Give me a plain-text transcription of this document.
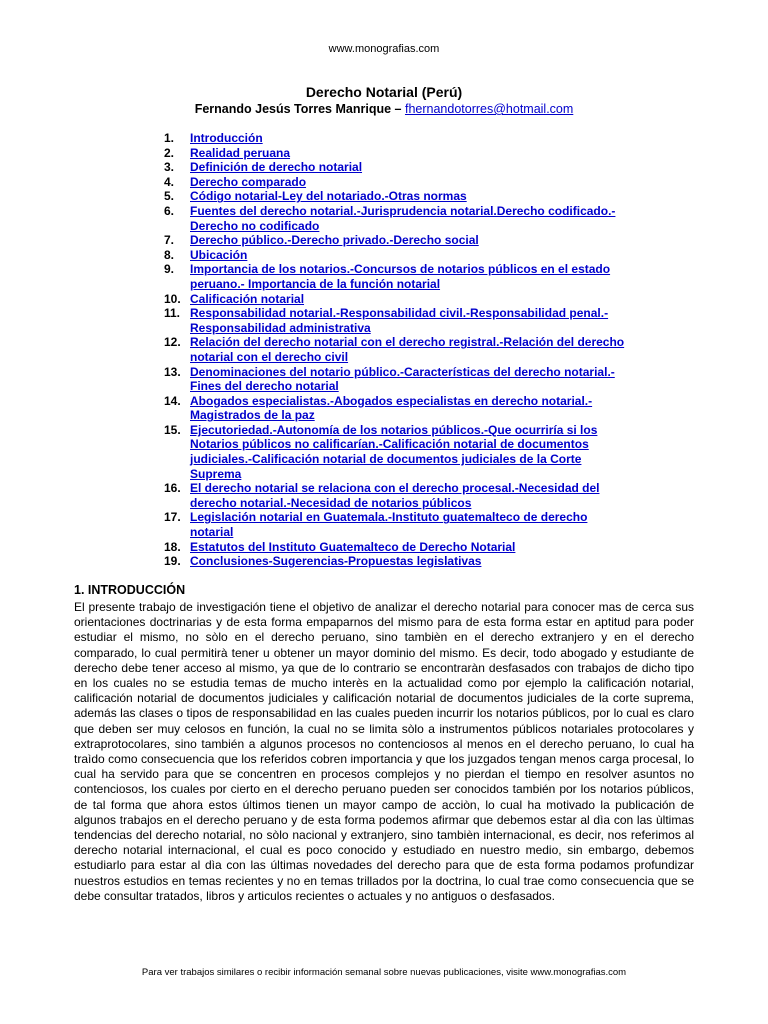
www.monografias.com
Derecho Notarial (Perú)
Fernando Jesús Torres Manrique – fhernandotorres@hotmail.com
1.	Introducción
2.	Realidad peruana
3.	Definición de derecho notarial
4.	Derecho comparado
5.	Código notarial-Ley del notariado.-Otras normas
6.	Fuentes del derecho notarial.-Jurisprudencia notarial.Derecho codificado.-Derecho no codificado
7.	Derecho público.-Derecho privado.-Derecho social
8.	Ubicación
9.	Importancia de los notarios.-Concursos de notarios públicos en el estado peruano.- Importancia de la función notarial
10. Calificación notarial
11. Responsabilidad notarial.-Responsabilidad civil.-Responsabilidad penal.- Responsabilidad administrativa
12. Relación del derecho notarial con el derecho registral.-Relación del derecho notarial con el derecho civil
13. Denominaciones del notario público.-Características del derecho notarial.-Fines del derecho notarial
14. Abogados especialistas.-Abogados especialistas en derecho notarial.-Magistrados de la paz
15. Ejecutoriedad.-Autonomía de los notarios públicos.-Que ocurriría si los Notarios públicos no calificarían.-Calificación notarial de documentos judiciales.-Calificación notarial de documentos judiciales de la Corte Suprema
16. El derecho notarial se relaciona con el derecho procesal.-Necesidad del derecho notarial.-Necesidad de notarios públicos
17. Legislación notarial en Guatemala.-Instituto guatemalteco de derecho notarial
18. Estatutos del Instituto Guatemalteco de Derecho Notarial
19. Conclusiones-Sugerencias-Propuestas legislativas
1. INTRODUCCIÓN

El presente trabajo de investigación tiene el objetivo de analizar el derecho notarial para conocer mas de cerca sus orientaciones doctrinarias y de esta forma empaparnos del mismo para de esta forma estar en aptitud para poder estudiar el mismo, no sòlo en el derecho peruano, sino tambièn en el derecho extranjero y en el derecho comparado, lo cual permitirà tener u obtener un mayor dominio del mismo. Es decir, todo abogado y estudiante de derecho debe tener acceso al mismo, ya que de lo contrario se encontraràn desfasados con trabajos de dicho tipo en los cuales no se estudia temas de mucho interès en la actualidad como por ejemplo la calificación notarial, calificación notarial de documentos judiciales y calificación notarial de documentos judiciales de la corte suprema, además las clases o tipos de responsabilidad en las cuales pueden incurrir los notarios públicos, por lo cual es claro que deben ser muy celosos en función, la cual no se limita sòlo a instrumentos públicos notariales protocolares y extraprotocolares, sino también a algunos procesos no contenciosos al menos en el derecho peruano, lo cual ha traìdo como consecuencia que los referidos cobren importancia y que los juzgados tengan menos carga procesal, lo cual ha servido para que se concentren en procesos complejos y no pierdan el tiempo en resolver asuntos no contenciosos, los cuales por cierto en el derecho peruano pueden ser conocidos también por los notarios públicos, de tal forma que ahora estos últimos tienen un mayor campo de acciòn, lo cual ha motivado la publicación de algunos trabajos en el derecho peruano y de esta forma podemos afirmar que debemos estar al dìa con las ùltimas tendencias del derecho notarial, no sòlo nacional y extranjero, sino tambièn internacional, es decir, nos referimos al derecho notarial internacional, el cual es poco conocido y estudiado en nuestro medio, sin embargo, debemos estudiarlo para estar al dìa con las últimas novedades del derecho para que de esta forma podamos profundizar nuestros estudios en temas recientes y no en temas trillados por la doctrina, lo cual trae como consecuencia que se debe consultar tratados, libros y articulos recientes o actuales y no antiguos o desfasados.

Para ver trabajos similares o recibir información semanal sobre nuevas publicaciones, visite www.monografias.com
